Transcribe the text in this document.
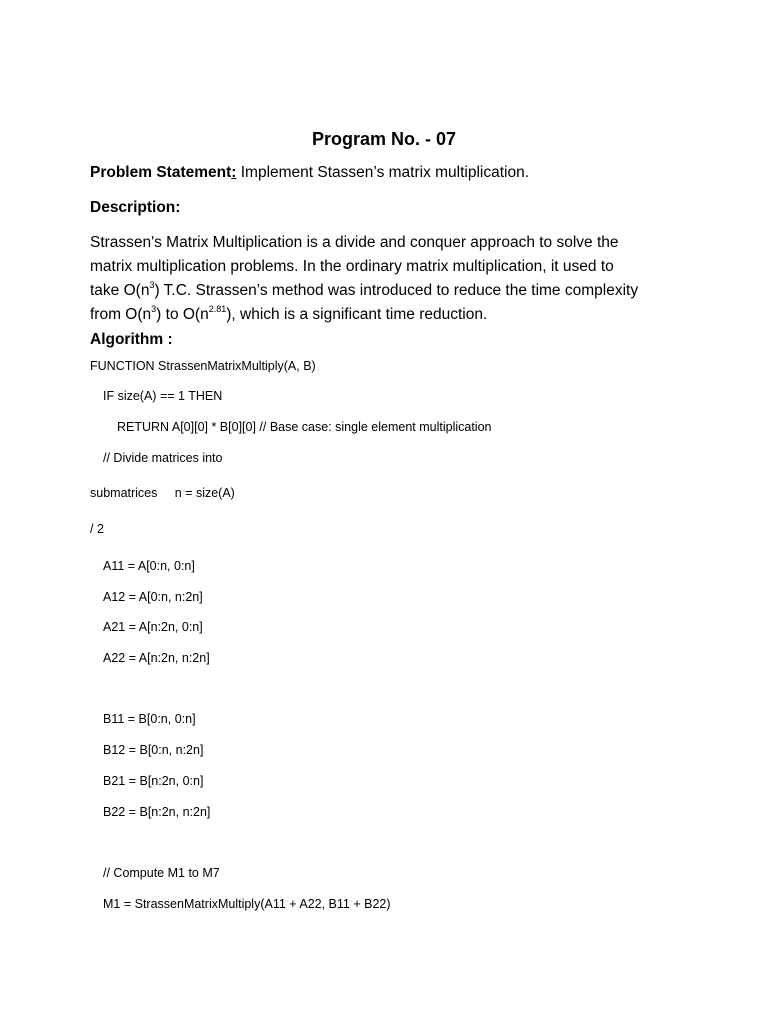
Program No. - 07
Problem Statement: Implement Stassen’s matrix multiplication.
Description:

Strassen's Matrix Multiplication is a divide and conquer approach to solve the

matrix multiplication problems. In the ordinary matrix multiplication, it used to

take $O(n^3)$ T.C. Strassen’s method was introduced to reduce the time complexity

from $O(n^3)$ to $O(n^{2.81})$, which is a significant time reduction.

Algorithm :
FUNCTION StrassenMatrixMultiply(A, B)
IF size(A) == 1 THEN
RETURN A[0][0] * B[0][0] // Base case: single element multiplication
// Divide matrices into
submatrices     n = size(A)
/ 2
A11 = A[0:n, 0:n]
A12 = A[0:n, n:2n]
A21 = A[n:2n, 0:n]
A22 = A[n:2n, n:2n]
B11 = B[0:n, 0:n]
B12 = B[0:n, n:2n]
B21 = B[n:2n, 0:n]
B22 = B[n:2n, n:2n]
// Compute M1 to M7
M1 = StrassenMatrixMultiply(A11 + A22, B11 + B22)
